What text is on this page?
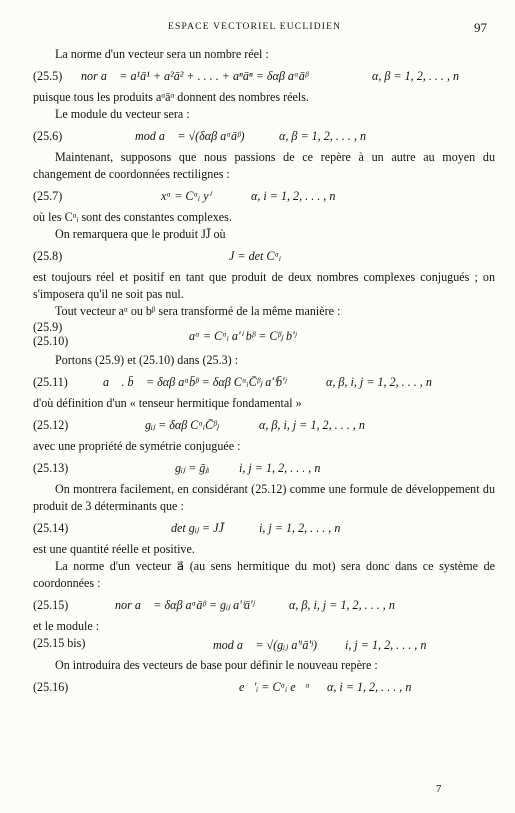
ESPACE VECTORIEL EUCLIDIEN	97

La norme d'un vecteur sera un nombre réel :

(25.5) nor a⃗ = a¹ā¹ + a²ā² + . . . . + aⁿāⁿ = δαβ aᵅāᵝ	α, β = 1, 2, . . . , n

puisque tous les produits aᵅāᵅ donnent des nombres réels.

Le module du vecteur sera :

(25.6)	mod a⃗ = √(δαβ aᵅāᵝ)	α, β = 1, 2, . . . , n

Maintenant, supposons que nous passions de ce repère à un autre au moyen du changement de coordonnées rectilignes :

(25.7)	xᵅ = Cᵅᵢ yⁱ	α, i = 1, 2, . . . , n

où les Cᵅᵢ sont des constantes complexes.

On remarquera que le produit JJ̄ où

(25.8)	J = det Cᵅᵢ

est toujours réel et positif en tant que produit de deux nombres complexes conjugués ; on s'imposera qu'il ne soit pas nul.

Tout vecteur aᵅ ou bᵝ sera transformé de la même manière :

(25.9)
(25.10)	aᵅ = Cᵅᵢ a'ⁱ bᵝ = Cᵝⱼ b'ʲ

Portons (25.9) et (25.10) dans (25.3) :

(25.11)	a⃗ . b̄⃗ = δαβ aᵅb̄ᵝ = δαβ CᵅᵢC̄ᵝⱼ a'ⁱb̄'ʲ	α, β, i, j = 1, 2, . . . , n

d'où définition d'un « tenseur hermitique fondamental »

(25.12)	gᵢⱼ = δαβ CᵅᵢC̄ᵝⱼ	α, β, i, j = 1, 2, . . . , n

avec une propriété de symétrie conjuguée :

(25.13)	gᵢⱼ = ḡⱼᵢ i, j = 1, 2, . . . , n

On montrera facilement, en considérant (25.12) comme une formule de développement du produit de 3 déterminants que :

(25.14)	det gᵢⱼ = JJ̄	i, j = 1, 2, . . . , n

est une quantité réelle et positive.

La norme d'un vecteur a⃗ (au sens hermitique du mot) sera donc dans ce système de coordonnées :

(25.15)	nor a⃗ = δαβ aᵅāᵝ = gᵢⱼ a'ⁱā'ʲ	α, β, i, j = 1, 2, . . . , n

et le module :

(25.15 bis)	mod a⃗ = √(gᵢⱼ a'ⁱā'ʲ) i, j = 1, 2, . . . , n

On introduira des vecteurs de base pour définir le nouveau repère :

(25.16)	e⃗'ᵢ = Cᵅᵢ e⃗ᵅ α, i = 1, 2, . . . , n
7
